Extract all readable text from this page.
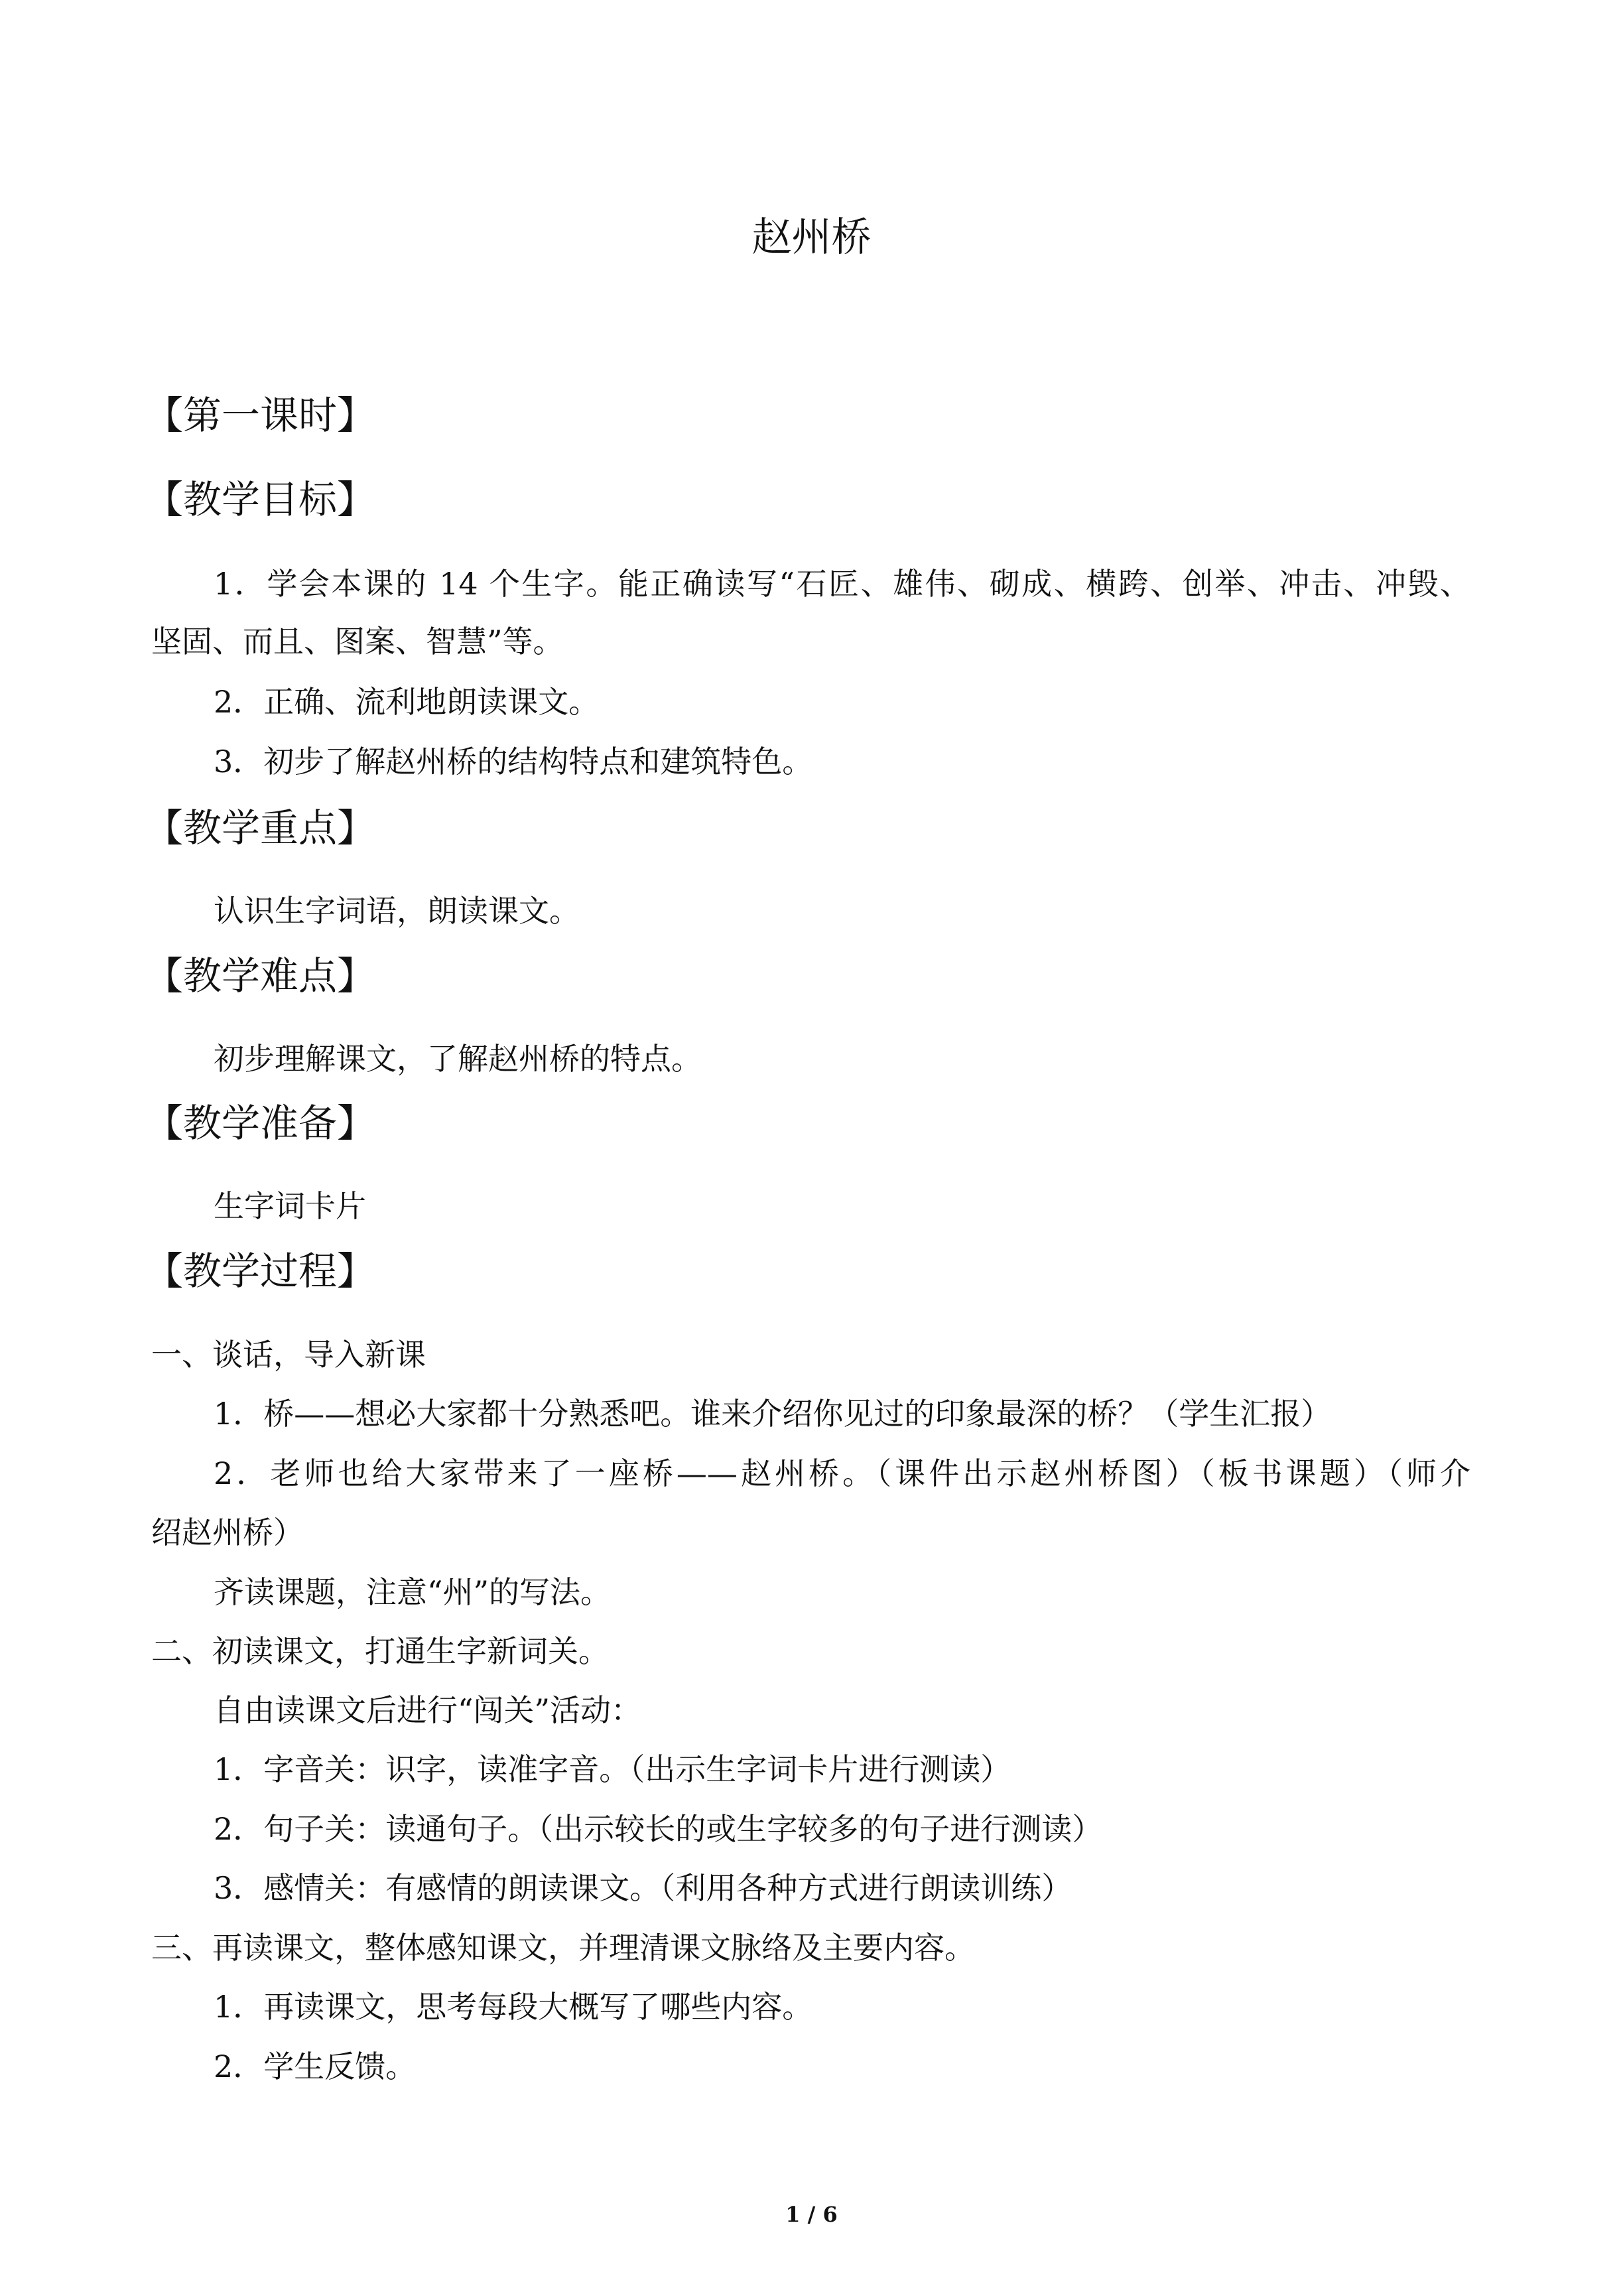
赵州桥
【第一课时】
【教学目标】
1．学会本课的 14 个生字。能正确读写“石匠、雄伟、砌成、横跨、创举、冲击、冲毁、
坚固、而且、图案、智慧”等。
2．正确、流利地朗读课文。
3．初步了解赵州桥的结构特点和建筑特色。
【教学重点】
认识生字词语，朗读课文。
【教学难点】
初步理解课文，了解赵州桥的特点。
【教学准备】
生字词卡片
【教学过程】
一、谈话，导入新课
1．桥——想必大家都十分熟悉吧。谁来介绍你见过的印象最深的桥？（学生汇报）
2．老师也给大家带来了一座桥——赵州桥。（课件出示赵州桥图）（板书课题）（师介
绍赵州桥）
齐读课题，注意“州”的写法。
二、初读课文，打通生字新词关。
自由读课文后进行“闯关”活动：
1．字音关：识字，读准字音。（出示生字词卡片进行测读）
2．句子关：读通句子。（出示较长的或生字较多的句子进行测读）
3．感情关：有感情的朗读课文。（利用各种方式进行朗读训练）
三、再读课文，整体感知课文，并理清课文脉络及主要内容。
1．再读课文，思考每段大概写了哪些内容。
2．学生反馈。
1 / 6
